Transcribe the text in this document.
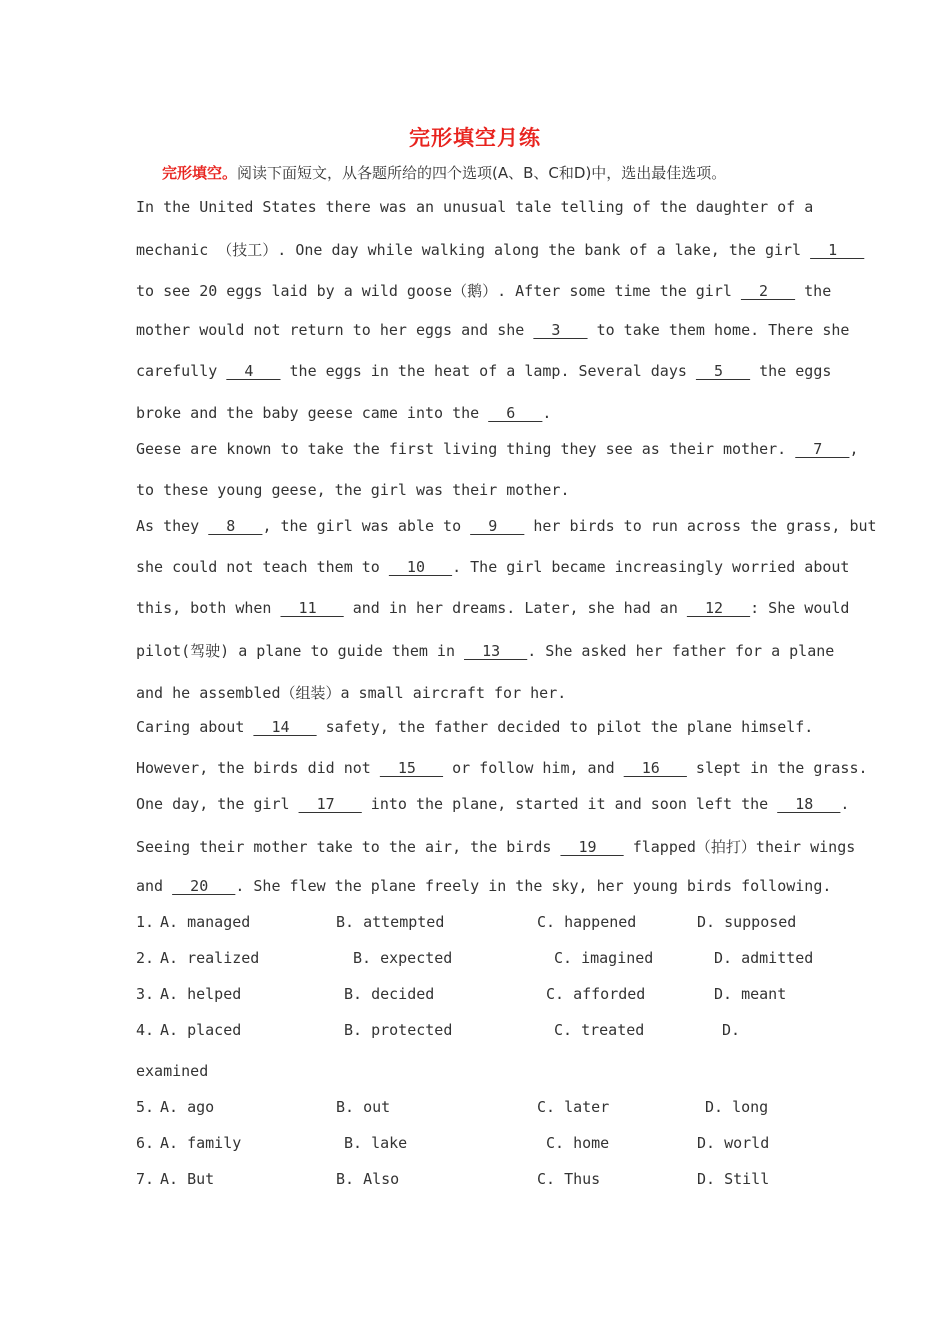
完形填空月练
完形填空。阅读下面短文，从各题所给的四个选项(A、B、C和D)中，选出最佳选项。
In the United States there was an unusual tale telling of the daughter of a
mechanic （技工）. One day while walking along the bank of a lake, the girl   1
to see 20 eggs laid by a wild goose（鹅）. After some time the girl   2    the
mother would not return to her eggs and she   3    to take them home. There she
carefully   4    the eggs in the heat of a lamp. Several days   5    the eggs
broke and the baby geese came into the   6   .
Geese are known to take the first living thing they see as their mother.   7   ,
to these young geese, the girl was their mother.
As they   8   , the girl was able to   9    her birds to run across the grass, but
she could not teach them to   10   . The girl became increasingly worried about
this, both when   11    and in her dreams. Later, she had an   12   : She would
pilot(驾驶) a plane to guide them in   13   . She asked her father for a plane
and he assembled（组装）a small aircraft for her.
Caring about   14    safety, the father decided to pilot the plane himself.
However, the birds did not   15    or follow him, and   16    slept in the grass.
One day, the girl   17    into the plane, started it and soon left the   18   .
Seeing their mother take to the air, the birds   19    flapped（拍打）their wings
and   20   . She flew the plane freely in the sky, her young birds following.
1. A. managed	B. attempted	C. happened	D. supposed
2. A. realized	B. expected	C. imagined	D. admitted
3. A. helped	B. decided	C. afforded	D. meant
4. A. placed	B. protected	C. treated	D.
examined
5. A. ago	B. out	C. later	D. long
6. A. family	B. lake	C. home	D. world
7. A. But	B. Also	C. Thus	D. Still
